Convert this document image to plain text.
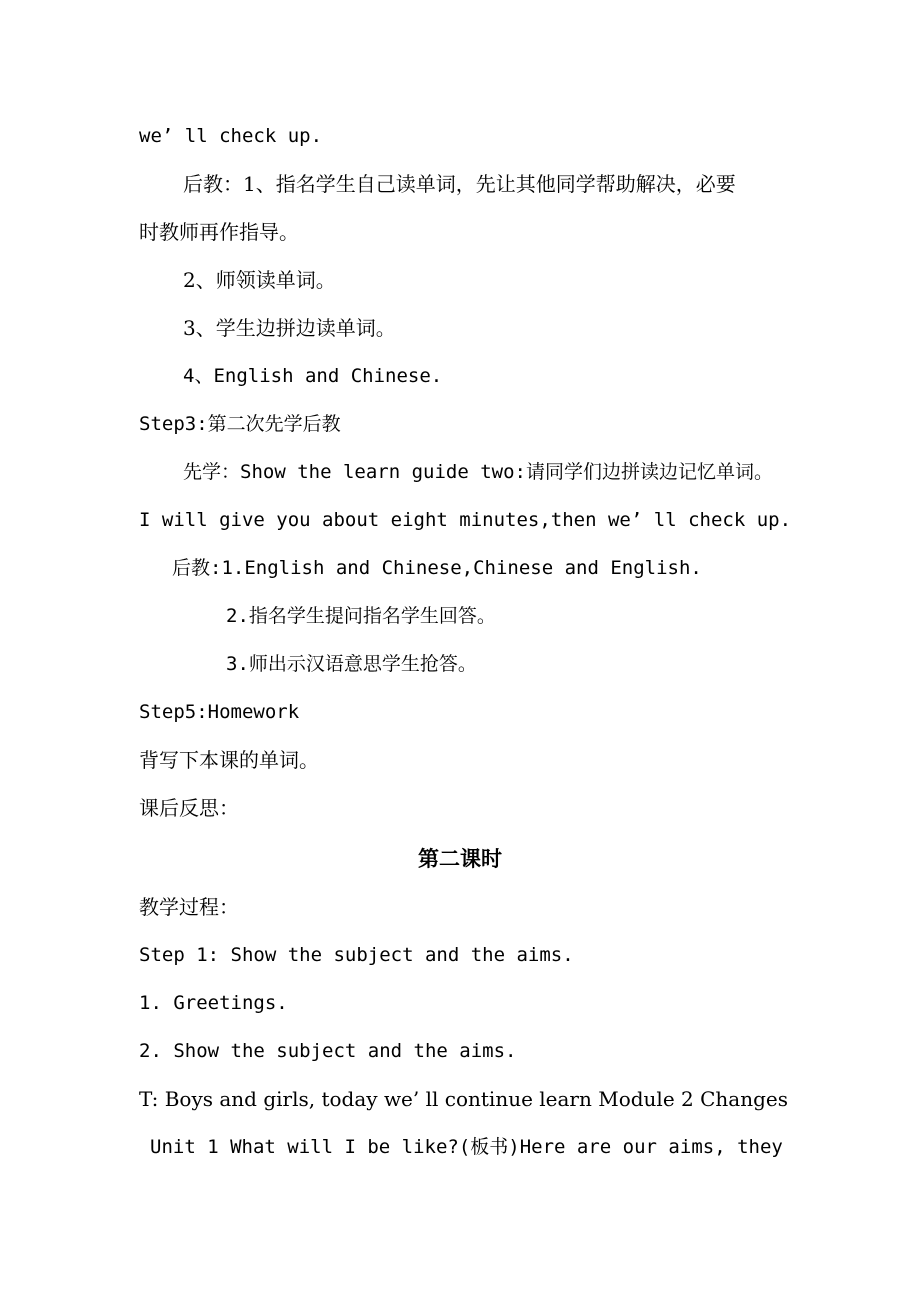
we’ ll check up.

后教：1、指名学生自己读单词，先让其他同学帮助解决，必要

时教师再作指导。

2、师领读单词。

3、学生边拼边读单词。

4、English and Chinese.

Step3:第二次先学后教

先学：Show the learn guide two:请同学们边拼读边记忆单词。

I will give you about eight minutes,then we’ ll check up.

后教:1.English and Chinese,Chinese and English.

2.指名学生提问指名学生回答。

3.师出示汉语意思学生抢答。

Step5:Homework

背写下本课的单词。

课后反思：

第二课时

教学过程：

Step 1: Show the subject and the aims.

1. Greetings.

2. Show the subject and the aims.

T: Boys and girls, today we’ ll continue learn Module 2 Changes

Unit 1 What will I be like?(板书)Here are our aims, they
